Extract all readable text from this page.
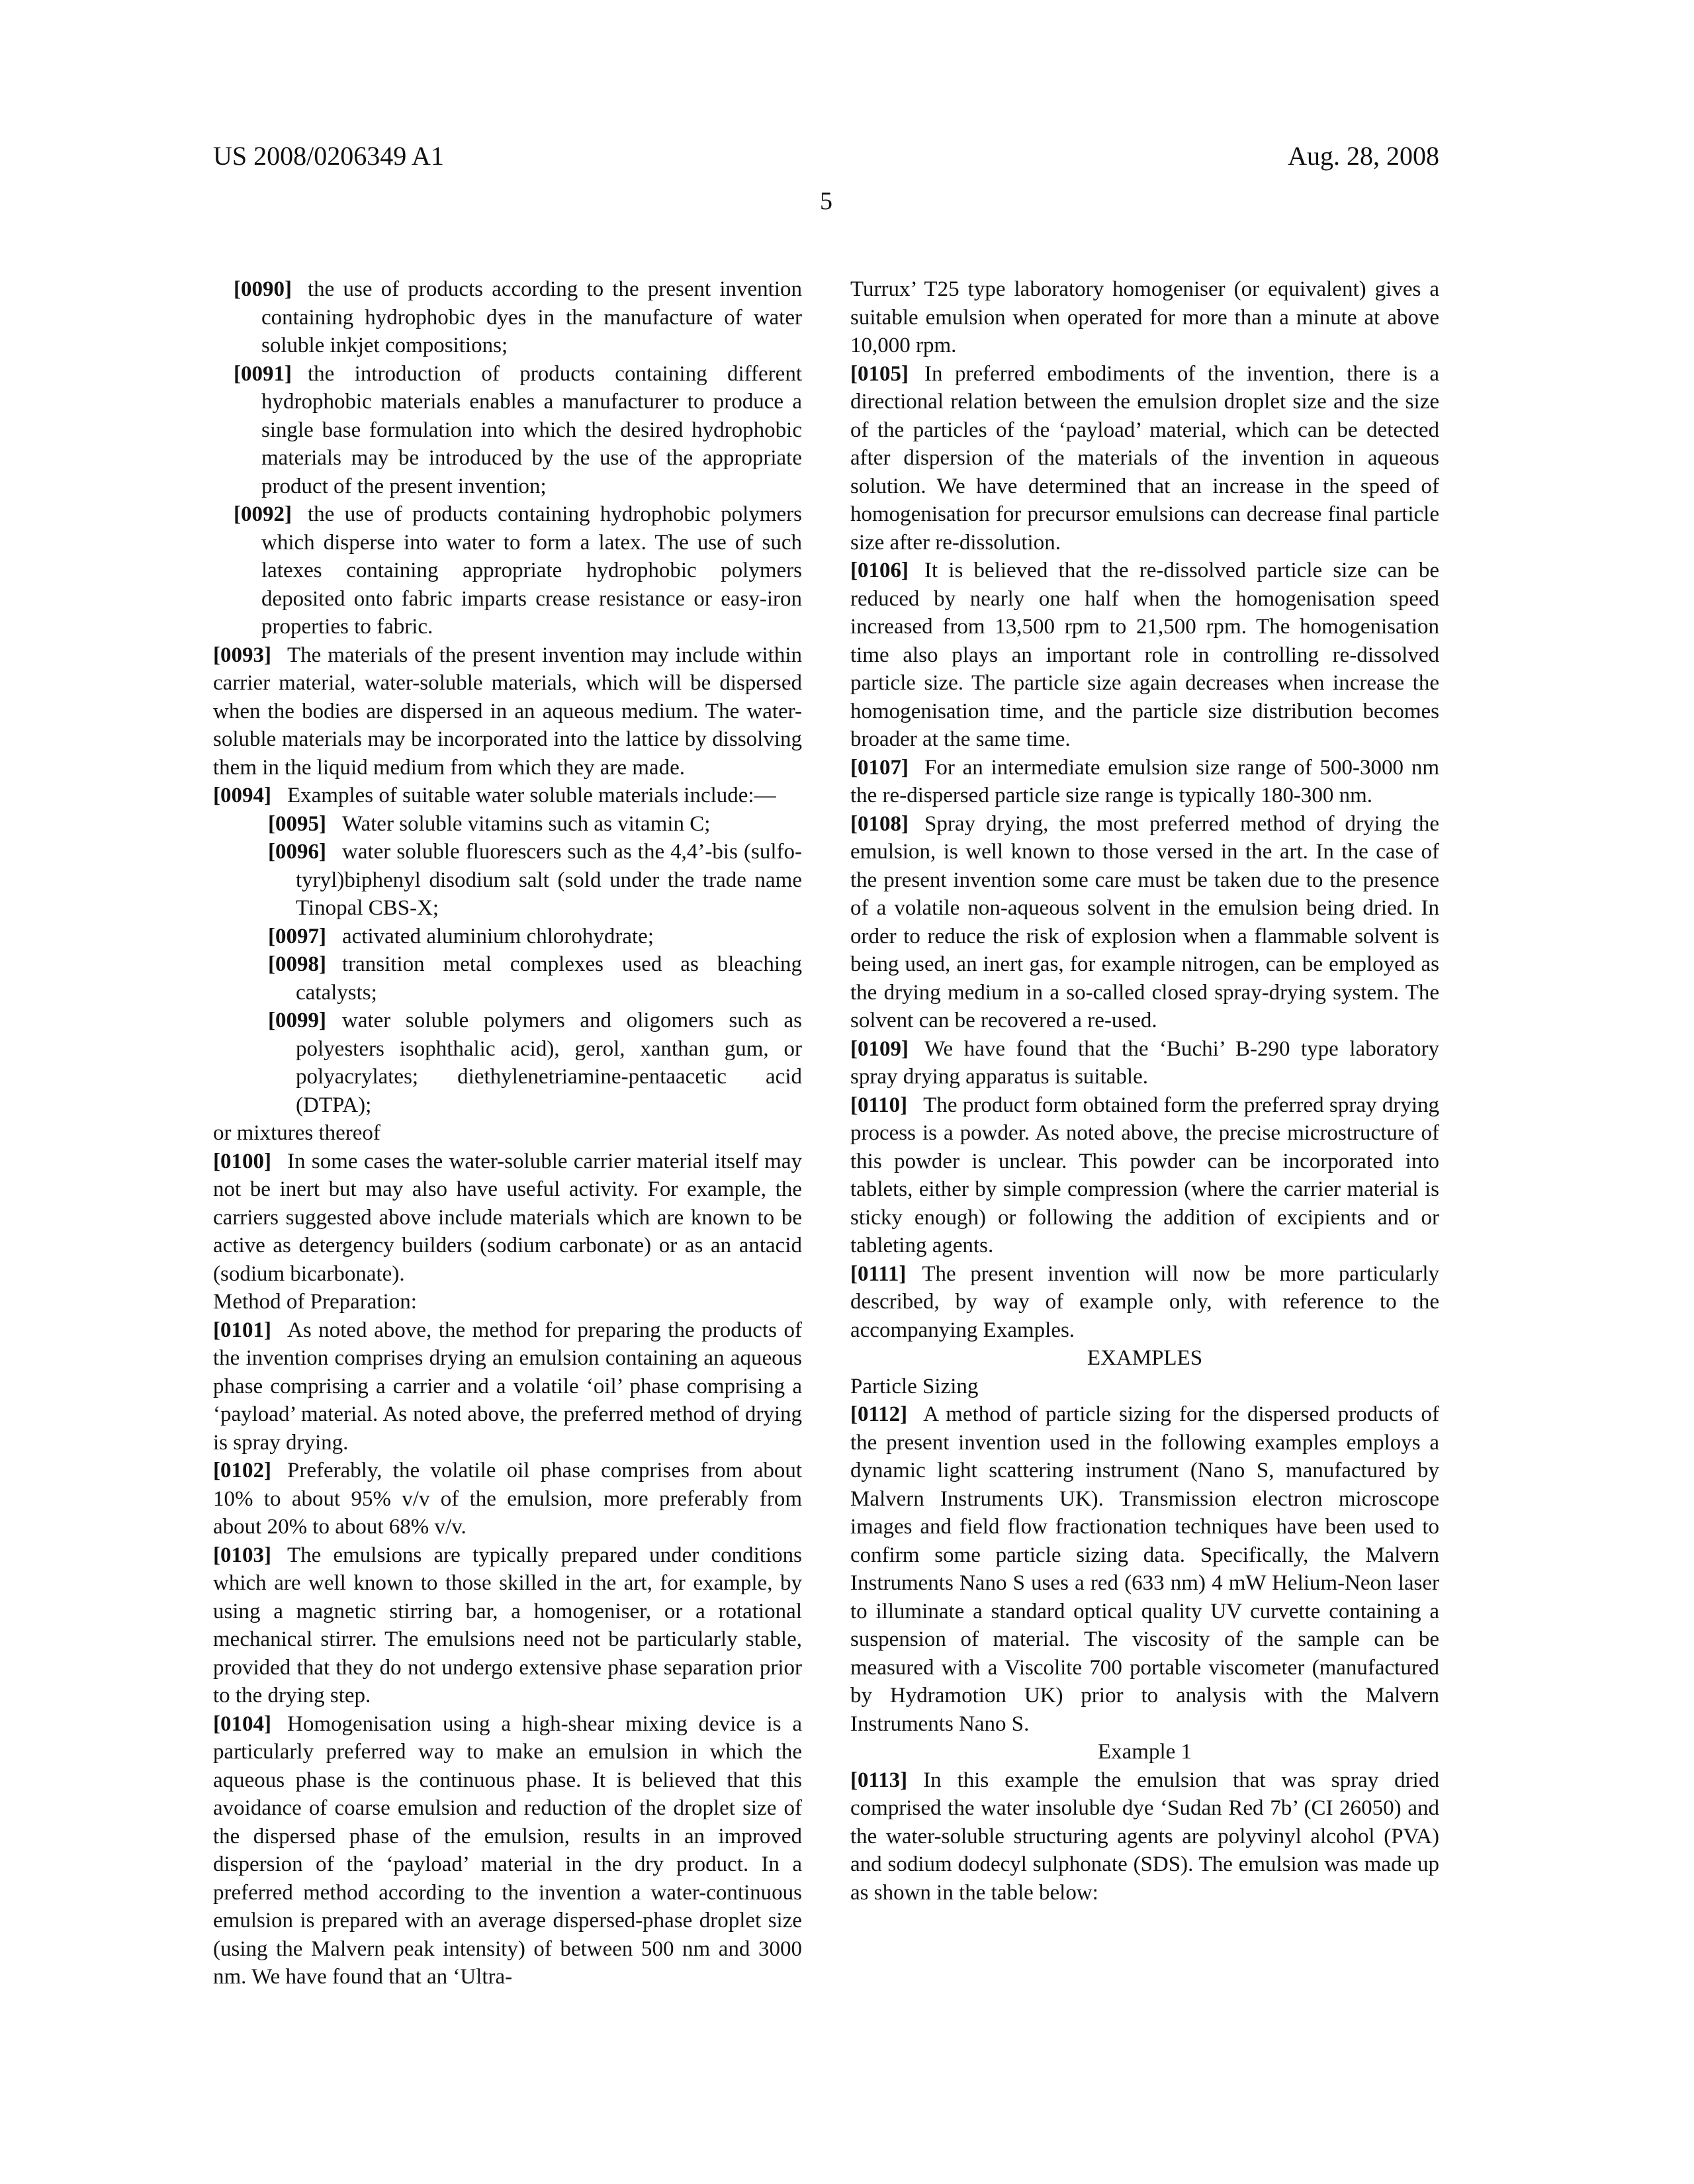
US 2008/0206349 A1	Aug. 28, 2008
5

[0090] the use of products according to the present invention containing hydrophobic dyes in the manufacture of water soluble inkjet compositions;

[0091] the introduction of products containing different hydrophobic materials enables a manufacturer to produce a single base formulation into which the desired hydrophobic materials may be introduced by the use of the appropriate product of the present invention;

[0092] the use of products containing hydrophobic polymers which disperse into water to form a latex. The use of such latexes containing appropriate hydrophobic polymers deposited onto fabric imparts crease resistance or easy-iron properties to fabric.

[0093] The materials of the present invention may include within carrier material, water-soluble materials, which will be dispersed when the bodies are dispersed in an aqueous medium. The water-soluble materials may be incorporated into the lattice by dissolving them in the liquid medium from which they are made.

[0094] Examples of suitable water soluble materials include:—

[0095] Water soluble vitamins such as vitamin C;

[0096] water soluble fluorescers such as the 4,4’-bis (sulfo-tyryl)biphenyl disodium salt (sold under the trade name Tinopal CBS-X;

[0097] activated aluminium chlorohydrate;

[0098] transition metal complexes used as bleaching catalysts;

[0099] water soluble polymers and oligomers such as polyesters isophthalic acid), gerol, xanthan gum, or polyacrylates; diethylenetriamine-pentaacetic acid (DTPA);

or mixtures thereof

[0100] In some cases the water-soluble carrier material itself may not be inert but may also have useful activity. For example, the carriers suggested above include materials which are known to be active as detergency builders (sodium carbonate) or as an antacid (sodium bicarbonate).

Method of Preparation:

[0101] As noted above, the method for preparing the products of the invention comprises drying an emulsion containing an aqueous phase comprising a carrier and a volatile ‘oil’ phase comprising a ‘payload’ material. As noted above, the preferred method of drying is spray drying.

[0102] Preferably, the volatile oil phase comprises from about 10% to about 95% v/v of the emulsion, more preferably from about 20% to about 68% v/v.

[0103] The emulsions are typically prepared under conditions which are well known to those skilled in the art, for example, by using a magnetic stirring bar, a homogeniser, or a rotational mechanical stirrer. The emulsions need not be particularly stable, provided that they do not undergo extensive phase separation prior to the drying step.

[0104] Homogenisation using a high-shear mixing device is a particularly preferred way to make an emulsion in which the aqueous phase is the continuous phase. It is believed that this avoidance of coarse emulsion and reduction of the droplet size of the dispersed phase of the emulsion, results in an improved dispersion of the ‘payload’ material in the dry product. In a preferred method according to the invention a water-continuous emulsion is prepared with an average dispersed-phase droplet size (using the Malvern peak intensity) of between 500 nm and 3000 nm. We have found that an ‘Ultra-

Turrux’ T25 type laboratory homogeniser (or equivalent) gives a suitable emulsion when operated for more than a minute at above 10,000 rpm.

[0105] In preferred embodiments of the invention, there is a directional relation between the emulsion droplet size and the size of the particles of the ‘payload’ material, which can be detected after dispersion of the materials of the invention in aqueous solution. We have determined that an increase in the speed of homogenisation for precursor emulsions can decrease final particle size after re-dissolution.

[0106] It is believed that the re-dissolved particle size can be reduced by nearly one half when the homogenisation speed increased from 13,500 rpm to 21,500 rpm. The homogenisation time also plays an important role in controlling re-dissolved particle size. The particle size again decreases when increase the homogenisation time, and the particle size distribution becomes broader at the same time.

[0107] For an intermediate emulsion size range of 500-3000 nm the re-dispersed particle size range is typically 180-300 nm.

[0108] Spray drying, the most preferred method of drying the emulsion, is well known to those versed in the art. In the case of the present invention some care must be taken due to the presence of a volatile non-aqueous solvent in the emulsion being dried. In order to reduce the risk of explosion when a flammable solvent is being used, an inert gas, for example nitrogen, can be employed as the drying medium in a so-called closed spray-drying system. The solvent can be recovered a re-used.

[0109] We have found that the ‘Buchi’ B-290 type laboratory spray drying apparatus is suitable.

[0110] The product form obtained form the preferred spray drying process is a powder. As noted above, the precise microstructure of this powder is unclear. This powder can be incorporated into tablets, either by simple compression (where the carrier material is sticky enough) or following the addition of excipients and or tableting agents.

[0111] The present invention will now be more particularly described, by way of example only, with reference to the accompanying Examples.

EXAMPLES

Particle Sizing

[0112] A method of particle sizing for the dispersed products of the present invention used in the following examples employs a dynamic light scattering instrument (Nano S, manufactured by Malvern Instruments UK). Transmission electron microscope images and field flow fractionation techniques have been used to confirm some particle sizing data. Specifically, the Malvern Instruments Nano S uses a red (633 nm) 4 mW Helium-Neon laser to illuminate a standard optical quality UV curvette containing a suspension of material. The viscosity of the sample can be measured with a Viscolite 700 portable viscometer (manufactured by Hydramotion UK) prior to analysis with the Malvern Instruments Nano S.

Example 1

[0113] In this example the emulsion that was spray dried comprised the water insoluble dye ‘Sudan Red 7b’ (CI 26050) and the water-soluble structuring agents are polyvinyl alcohol (PVA) and sodium dodecyl sulphonate (SDS). The emulsion was made up as shown in the table below:
